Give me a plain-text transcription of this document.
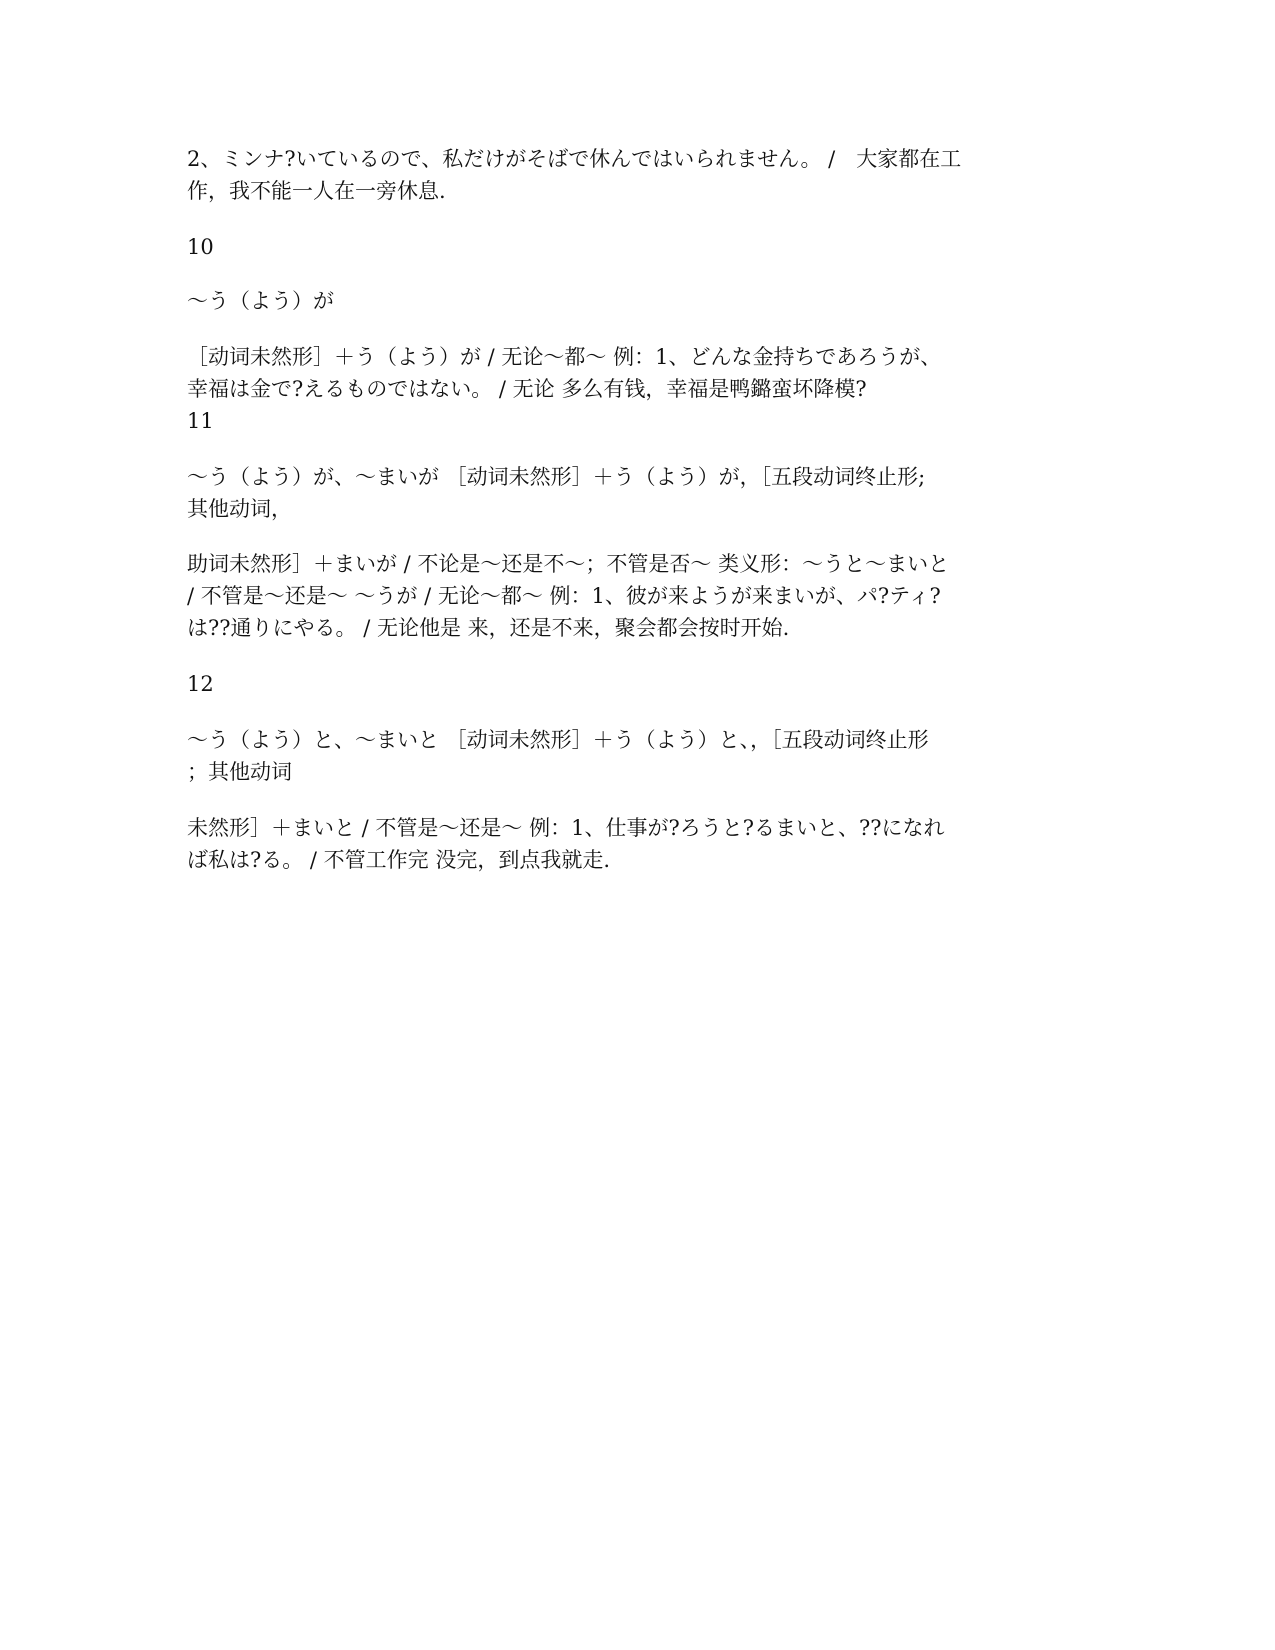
2、ミンナ?いているので、私だけがそばで休んではいられません。 /　大家都在工
作，我不能一人在一旁休息.

10

～う（よう）が

［动词未然形］＋う（よう）が / 无论～都～ 例：1、どんな金持ちであろうが、
幸福は金で?えるものではない。 / 无论 多么有钱，幸福是鸭鏴蛮坏降模?
11

～う（よう）が、～まいが ［动词未然形］＋う（よう）が，［五段动词终止形;
其他动词，

助词未然形］＋まいが / 不论是～还是不～；不管是否～ 类义形：～うと～まいと
/ 不管是～还是～ ～うが / 无论～都～ 例：1、彼が来ようが来まいが、パ?ティ?
は??通りにやる。 / 无论他是 来，还是不来，聚会都会按时开始.

12

～う（よう）と、～まいと ［动词未然形］＋う（よう）と、，［五段动词终止形
；其他动词

未然形］＋まいと / 不管是～还是～ 例：1、仕事が?ろうと?るまいと、??になれ
ば私は?る。 / 不管工作完 没完，到点我就走.
